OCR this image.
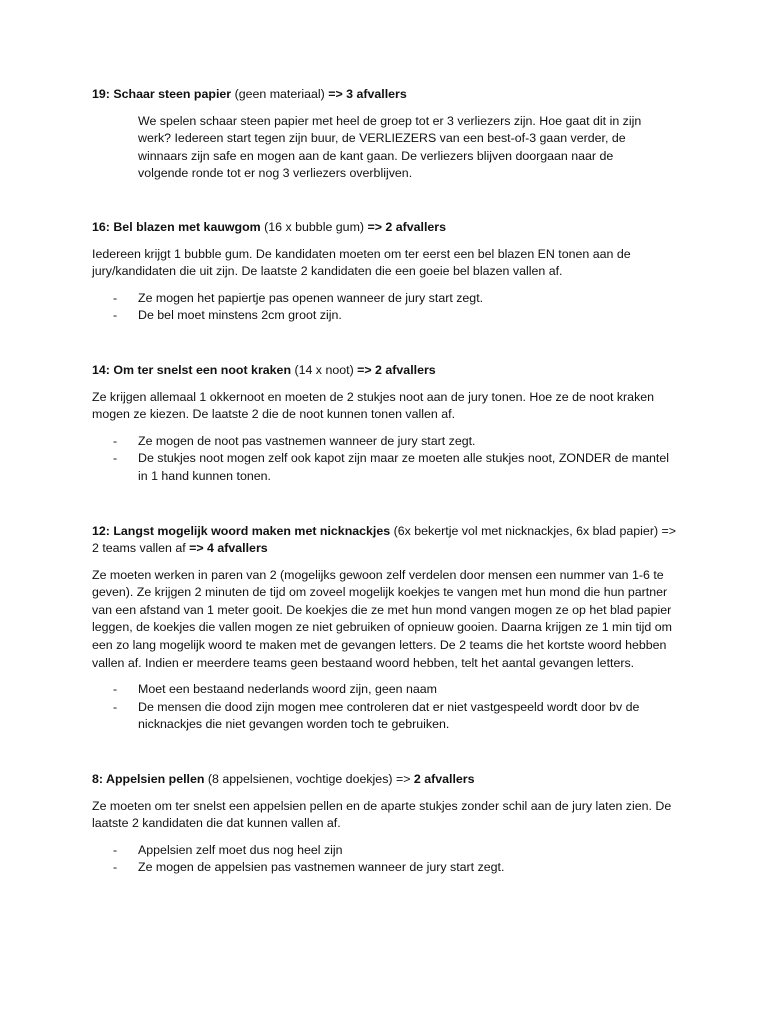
19: Schaar steen papier (geen materiaal) => 3 afvallers

We spelen schaar steen papier met heel de groep tot er 3 verliezers zijn. Hoe gaat dit in zijn werk? Iedereen start tegen zijn buur, de VERLIEZERS van een best-of-3 gaan verder, de winnaars zijn safe en mogen aan de kant gaan. De verliezers blijven doorgaan naar de volgende ronde tot er nog 3 verliezers overblijven.

16: Bel blazen met kauwgom (16 x bubble gum) => 2 afvallers

Iedereen krijgt 1 bubble gum. De kandidaten moeten om ter eerst een bel blazen EN tonen aan de jury/kandidaten die uit zijn. De laatste 2 kandidaten die een goeie bel blazen vallen af.

- Ze mogen het papiertje pas openen wanneer de jury start zegt.
- De bel moet minstens 2cm groot zijn.

14: Om ter snelst een noot kraken (14 x noot) => 2 afvallers

Ze krijgen allemaal 1 okkernoot en moeten de 2 stukjes noot aan de jury tonen. Hoe ze de noot kraken mogen ze kiezen. De laatste 2 die de noot kunnen tonen vallen af.

- Ze mogen de noot pas vastnemen wanneer de jury start zegt.
- De stukjes noot mogen zelf ook kapot zijn maar ze moeten alle stukjes noot, ZONDER de mantel in 1 hand kunnen tonen.

12: Langst mogelijk woord maken met nicknackjes (6x bekertje vol met nicknackjes, 6x blad papier) => 2 teams vallen af => 4 afvallers

Ze moeten werken in paren van 2 (mogelijks gewoon zelf verdelen door mensen een nummer van 1-6 te geven). Ze krijgen 2 minuten de tijd om zoveel mogelijk koekjes te vangen met hun mond die hun partner van een afstand van 1 meter gooit. De koekjes die ze met hun mond vangen mogen ze op het blad papier leggen, de koekjes die vallen mogen ze niet gebruiken of opnieuw gooien. Daarna krijgen ze 1 min tijd om een zo lang mogelijk woord te maken met de gevangen letters. De 2 teams die het kortste woord hebben vallen af. Indien er meerdere teams geen bestaand woord hebben, telt het aantal gevangen letters.

- Moet een bestaand nederlands woord zijn, geen naam
- De mensen die dood zijn mogen mee controleren dat er niet vastgespeeld wordt door bv de nicknackjes die niet gevangen worden toch te gebruiken.

8: Appelsien pellen (8 appelsienen, vochtige doekjes) => 2 afvallers

Ze moeten om ter snelst een appelsien pellen en de aparte stukjes zonder schil aan de jury laten zien. De laatste 2 kandidaten die dat kunnen vallen af.

- Appelsien zelf moet dus nog heel zijn
- Ze mogen de appelsien pas vastnemen wanneer de jury start zegt.
